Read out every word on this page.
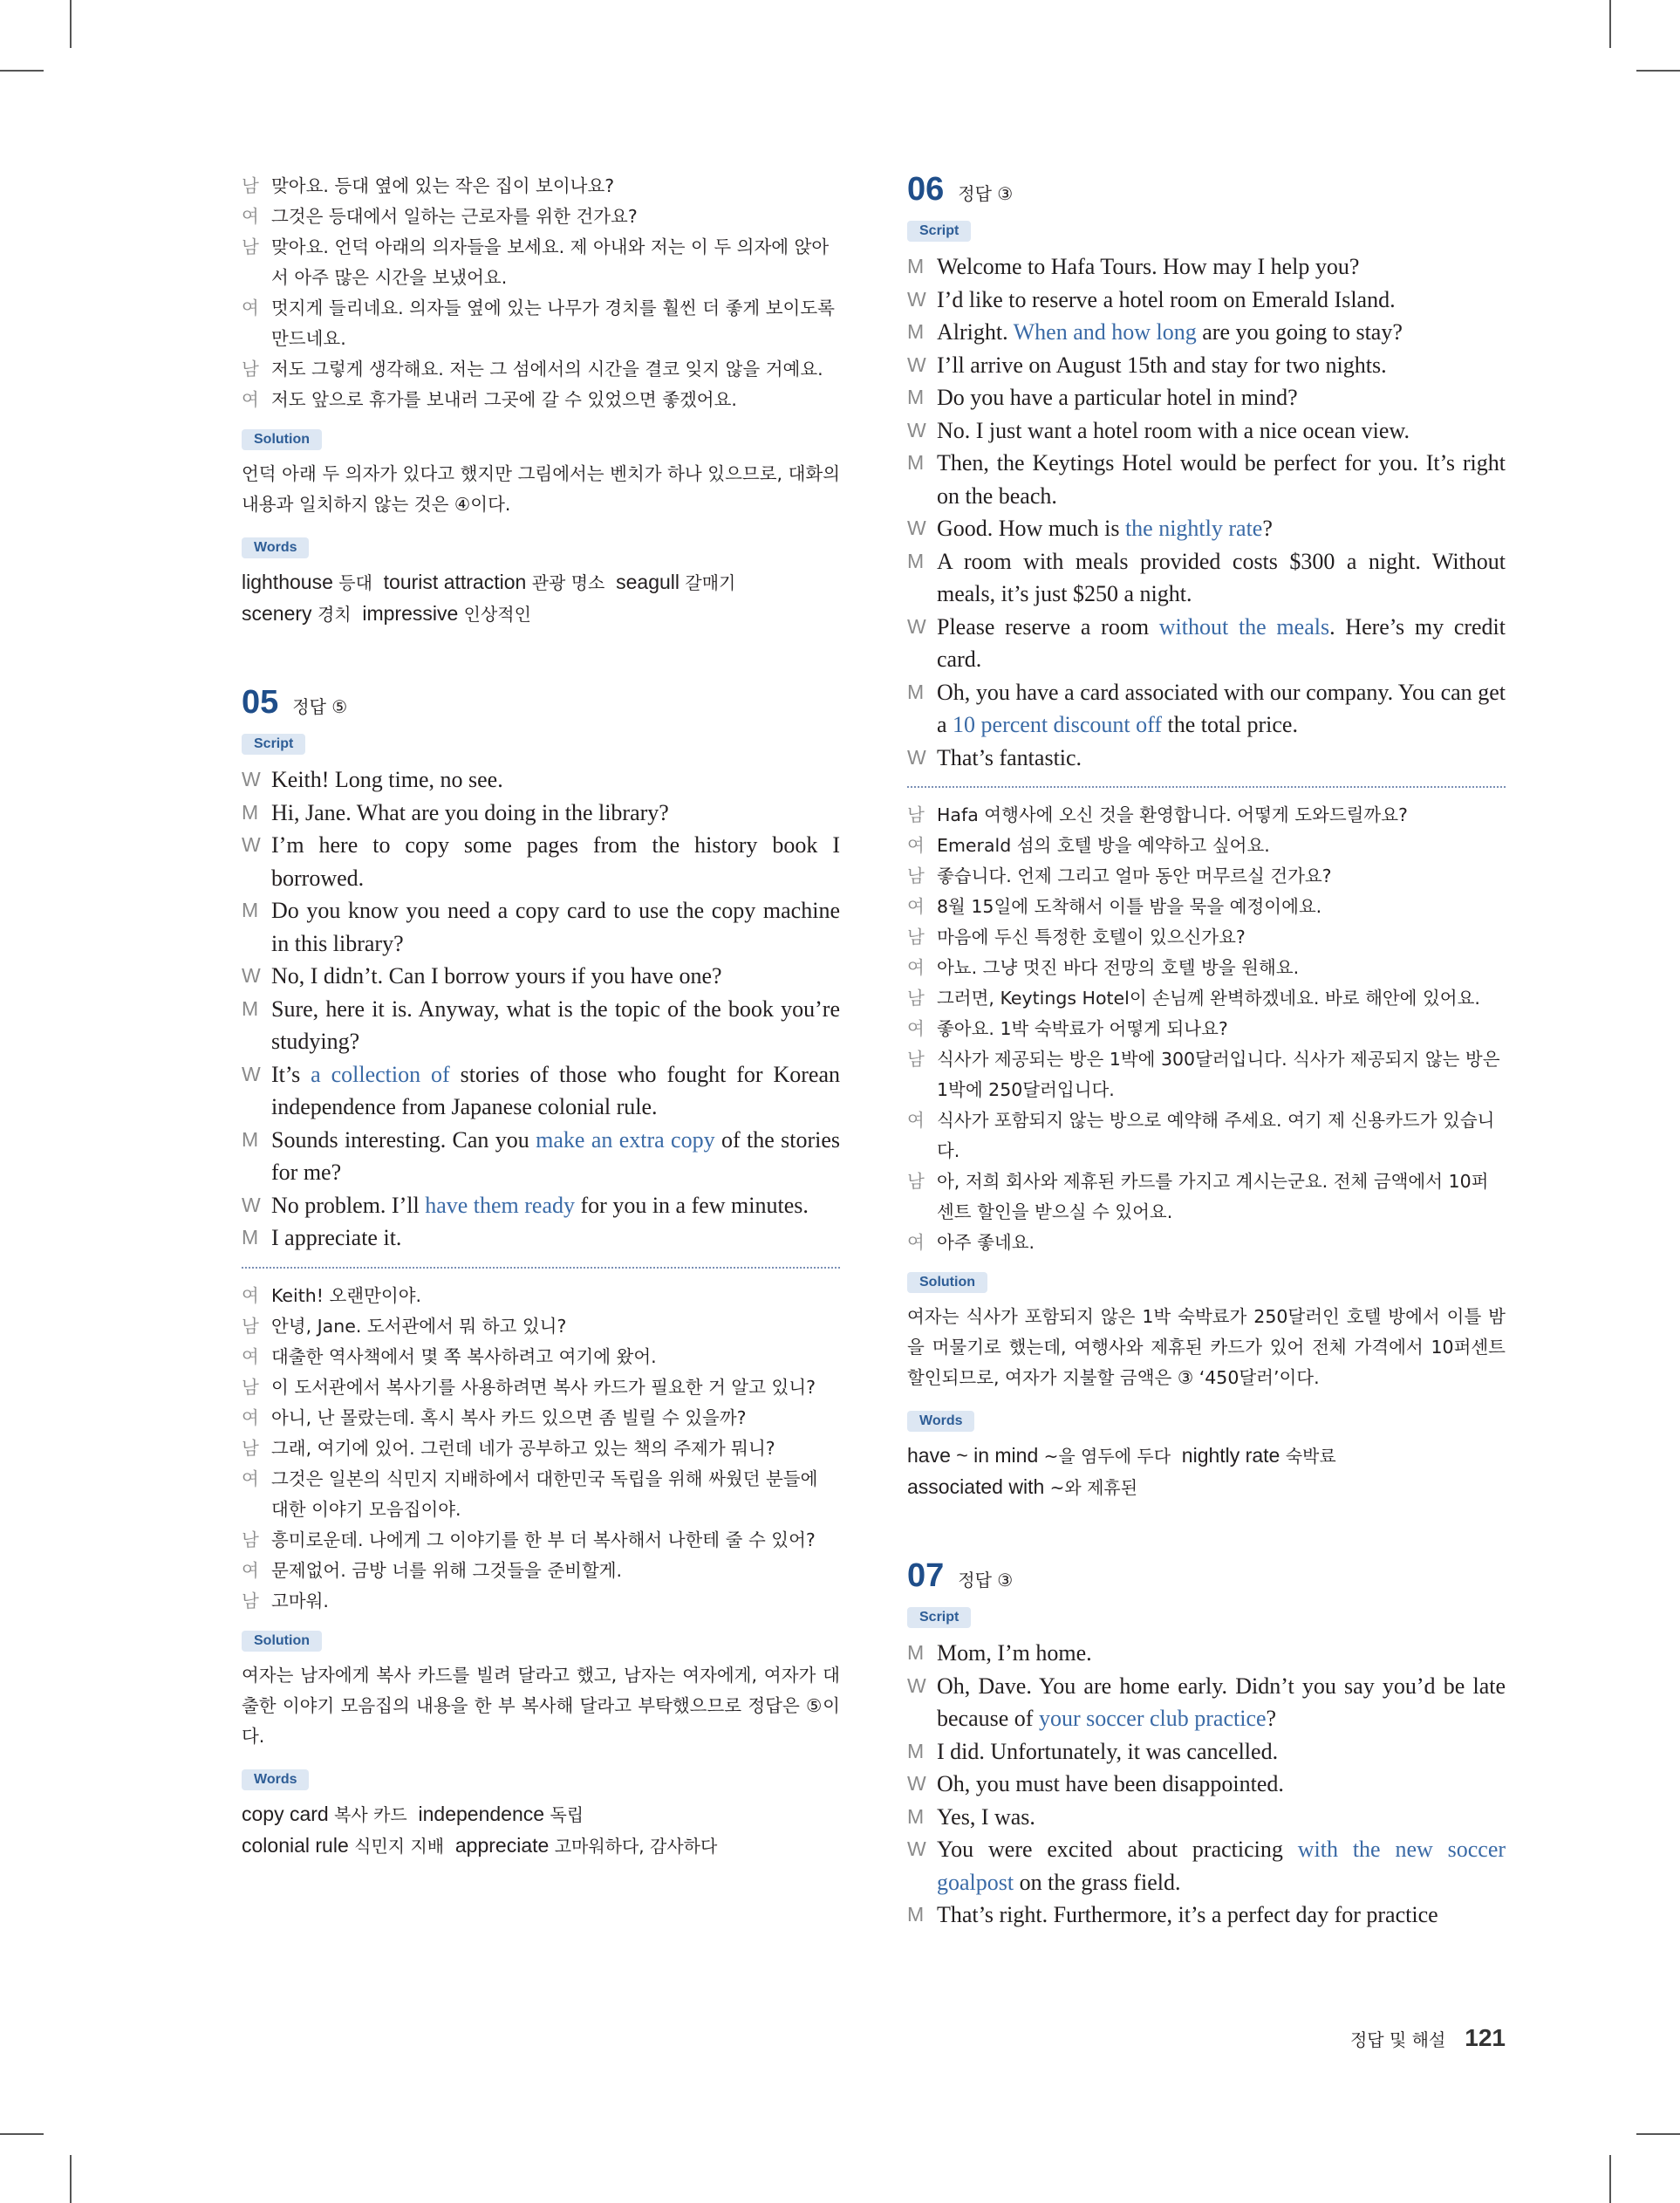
남 맞아요. 등대 옆에 있는 작은 집이 보이나요?
여 그것은 등대에서 일하는 근로자를 위한 건가요?
남 맞아요. 언덕 아래의 의자들을 보세요. 제 아내와 저는 이 두 의자에 앉아서 아주 많은 시간을 보냈어요.
여 멋지게 들리네요. 의자들 옆에 있는 나무가 경치를 훨씬 더 좋게 보이도록 만드네요.
남 저도 그렇게 생각해요. 저는 그 섬에서의 시간을 결코 잊지 않을 거예요.
여 저도 앞으로 휴가를 보내러 그곳에 갈 수 있었으면 좋겠어요.
Solution
언덕 아래 두 의자가 있다고 했지만 그림에서는 벤치가 하나 있으므로, 대화의 내용과 일치하지 않는 것은 ④이다.
Words
lighthouse 등대  tourist attraction 관광 명소  seagull 갈매기
scenery 경치  impressive 인상적인
05 정답 ⑤
Script
W Keith! Long time, no see.
M Hi, Jane. What are you doing in the library?
W I’m here to copy some pages from the history book I borrowed.
M Do you know you need a copy card to use the copy machine in this library?
W No, I didn’t. Can I borrow yours if you have one?
M Sure, here it is. Anyway, what is the topic of the book you’re studying?
W It’s a collection of stories of those who fought for Korean independence from Japanese colonial rule.
M Sounds interesting. Can you make an extra copy of the stories for me?
W No problem. I’ll have them ready for you in a few minutes.
M I appreciate it.
여 Keith! 오랜만이야.
남 안녕, Jane. 도서관에서 뭐 하고 있니?
여 대출한 역사책에서 몇 쪽 복사하려고 여기에 왔어.
남 이 도서관에서 복사기를 사용하려면 복사 카드가 필요한 거 알고 있니?
여 아니, 난 몰랐는데. 혹시 복사 카드 있으면 좀 빌릴 수 있을까?
남 그래, 여기에 있어. 그런데 네가 공부하고 있는 책의 주제가 뭐니?
여 그것은 일본의 식민지 지배하에서 대한민국 독립을 위해 싸웠던 분들에 대한 이야기 모음집이야.
남 흥미로운데. 나에게 그 이야기를 한 부 더 복사해서 나한테 줄 수 있어?
여 문제없어. 금방 너를 위해 그것들을 준비할게.
남 고마워.
Solution
여자는 남자에게 복사 카드를 빌려 달라고 했고, 남자는 여자에게, 여자가 대출한 이야기 모음집의 내용을 한 부 복사해 달라고 부탁했으므로 정답은 ⑤이다.
Words
copy card 복사 카드  independence 독립
colonial rule 식민지 지배  appreciate 고마워하다, 감사하다
06 정답 ③
Script
M Welcome to Hafa Tours. How may I help you?
W I’d like to reserve a hotel room on Emerald Island.
M Alright. When and how long are you going to stay?
W I’ll arrive on August 15th and stay for two nights.
M Do you have a particular hotel in mind?
W No. I just want a hotel room with a nice ocean view.
M Then, the Keytings Hotel would be perfect for you. It’s right on the beach.
W Good. How much is the nightly rate?
M A room with meals provided costs $300 a night. Without meals, it’s just $250 a night.
W Please reserve a room without the meals. Here’s my credit card.
M Oh, you have a card associated with our company. You can get a 10 percent discount off the total price.
W That’s fantastic.
남 Hafa 여행사에 오신 것을 환영합니다. 어떻게 도와드릴까요?
여 Emerald 섬의 호텔 방을 예약하고 싶어요.
남 좋습니다. 언제 그리고 얼마 동안 머무르실 건가요?
여 8월 15일에 도착해서 이틀 밤을 묵을 예정이에요.
남 마음에 두신 특정한 호텔이 있으신가요?
여 아뇨. 그냥 멋진 바다 전망의 호텔 방을 원해요.
남 그러면, Keytings Hotel이 손님께 완벽하겠네요. 바로 해안에 있어요.
여 좋아요. 1박 숙박료가 어떻게 되나요?
남 식사가 제공되는 방은 1박에 300달러입니다. 식사가 제공되지 않는 방은 1박에 250달러입니다.
여 식사가 포함되지 않는 방으로 예약해 주세요. 여기 제 신용카드가 있습니다.
남 아, 저희 회사와 제휴된 카드를 가지고 계시는군요. 전체 금액에서 10퍼센트 할인을 받으실 수 있어요.
여 아주 좋네요.
Solution
여자는 식사가 포함되지 않은 1박 숙박료가 250달러인 호텔 방에서 이틀 밤을 머물기로 했는데, 여행사와 제휴된 카드가 있어 전체 가격에서 10퍼센트 할인되므로, 여자가 지불할 금액은 ③ ‘450달러’이다.
Words
have ~ in mind ~을 염두에 두다  nightly rate 숙박료
associated with ~와 제휴된
07 정답 ③
Script
M Mom, I’m home.
W Oh, Dave. You are home early. Didn’t you say you’d be late because of your soccer club practice?
M I did. Unfortunately, it was cancelled.
W Oh, you must have been disappointed.
M Yes, I was.
W You were excited about practicing with the new soccer goalpost on the grass field.
M That’s right. Furthermore, it’s a perfect day for practice
정답 및 해설 121
